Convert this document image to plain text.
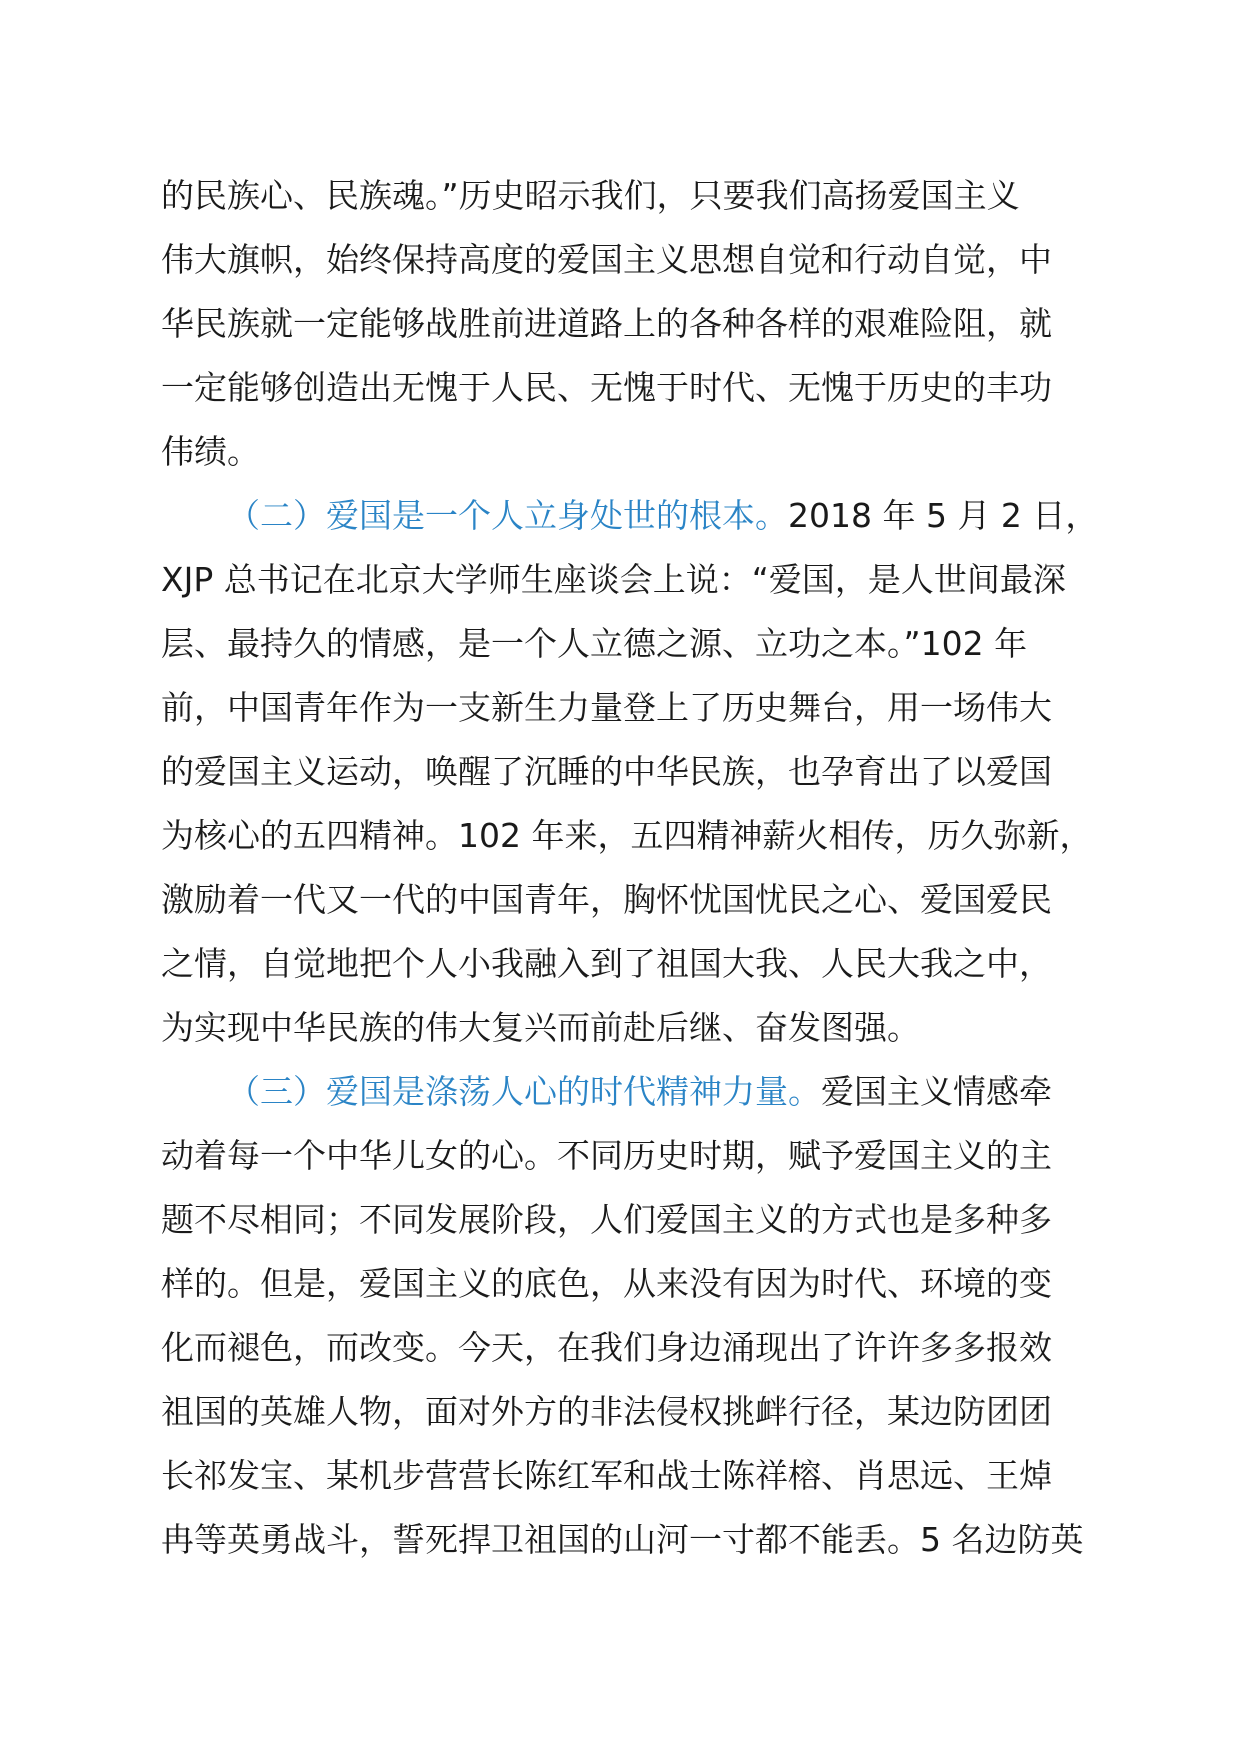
的民族心、民族魂。”历史昭示我们，只要我们高扬爱国主义
伟大旗帜，始终保持高度的爱国主义思想自觉和行动自觉，中
华民族就一定能够战胜前进道路上的各种各样的艰难险阻，就
一定能够创造出无愧于人民、无愧于时代、无愧于历史的丰功
伟绩。
（二）爱国是一个人立身处世的根本。2018 年 5 月 2 日，
XJP 总书记在北京大学师生座谈会上说：“爱国，是人世间最深
层、最持久的情感，是一个人立德之源、立功之本。”102 年
前，中国青年作为一支新生力量登上了历史舞台，用一场伟大
的爱国主义运动，唤醒了沉睡的中华民族，也孕育出了以爱国
为核心的五四精神。102 年来，五四精神薪火相传，历久弥新，
激励着一代又一代的中国青年，胸怀忧国忧民之心、爱国爱民
之情，自觉地把个人小我融入到了祖国大我、人民大我之中，
为实现中华民族的伟大复兴而前赴后继、奋发图强。
（三）爱国是涤荡人心的时代精神力量。爱国主义情感牵
动着每一个中华儿女的心。不同历史时期，赋予爱国主义的主
题不尽相同；不同发展阶段，人们爱国主义的方式也是多种多
样的。但是，爱国主义的底色，从来没有因为时代、环境的变
化而褪色，而改变。今天，在我们身边涌现出了许许多多报效
祖国的英雄人物，面对外方的非法侵权挑衅行径，某边防团团
长祁发宝、某机步营营长陈红军和战士陈祥榕、肖思远、王焯
冉等英勇战斗，誓死捍卫祖国的山河一寸都不能丢。5 名边防英
